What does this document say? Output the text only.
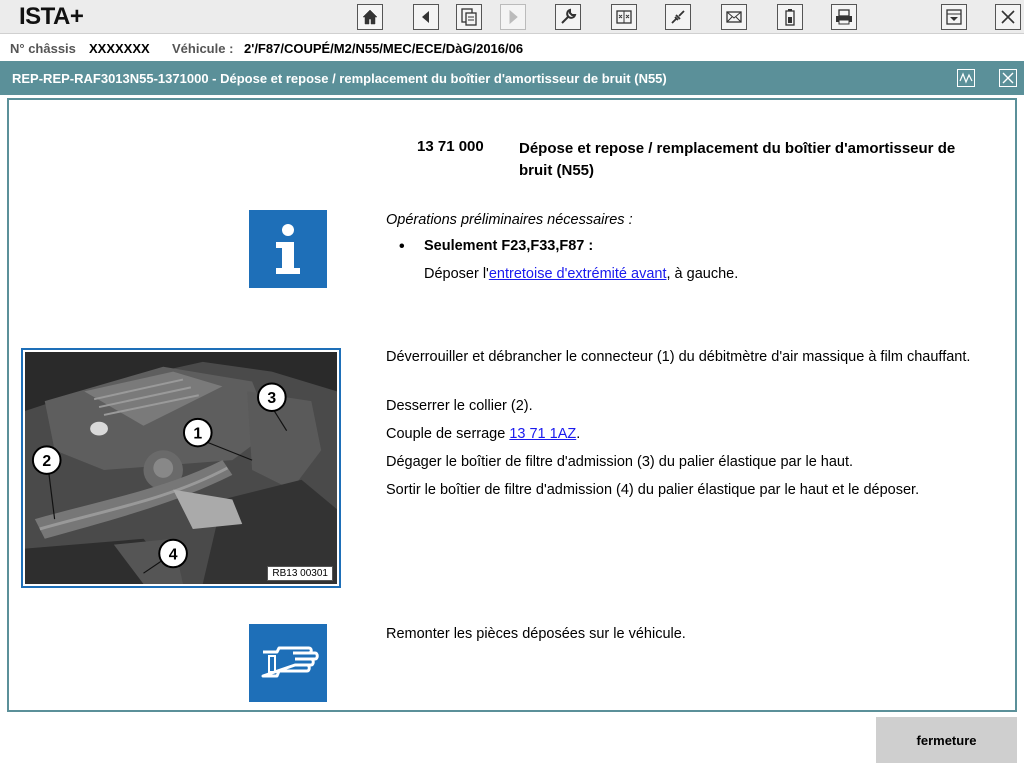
ISTA+
N° châssis XXXXXXX Véhicule : 2'/F87/COUPÉ/M2/N55/MEC/ECE/DàG/2016/06
REP-REP-RAF3013N55-1371000 - Dépose et repose / remplacement du boîtier d'amortisseur de bruit (N55)
13 71 000 Dépose et repose / remplacement du boîtier d'amortisseur de bruit (N55)
Opérations préliminaires nécessaires :
• Seulement F23,F33,F87 :
Déposer l'entretoise d'extrémité avant, à gauche.
1
2
3
4
RB13 00301
Déverrouiller et débrancher le connecteur (1) du débitmètre d'air massique à film chauffant.
Desserrer le collier (2).
Couple de serrage 13 71 1AZ.
Dégager le boîtier de filtre d'admission (3) du palier élastique par le haut.
Sortir le boîtier de filtre d'admission (4) du palier élastique par le haut et le déposer.
Remonter les pièces déposées sur le véhicule.
fermeture
